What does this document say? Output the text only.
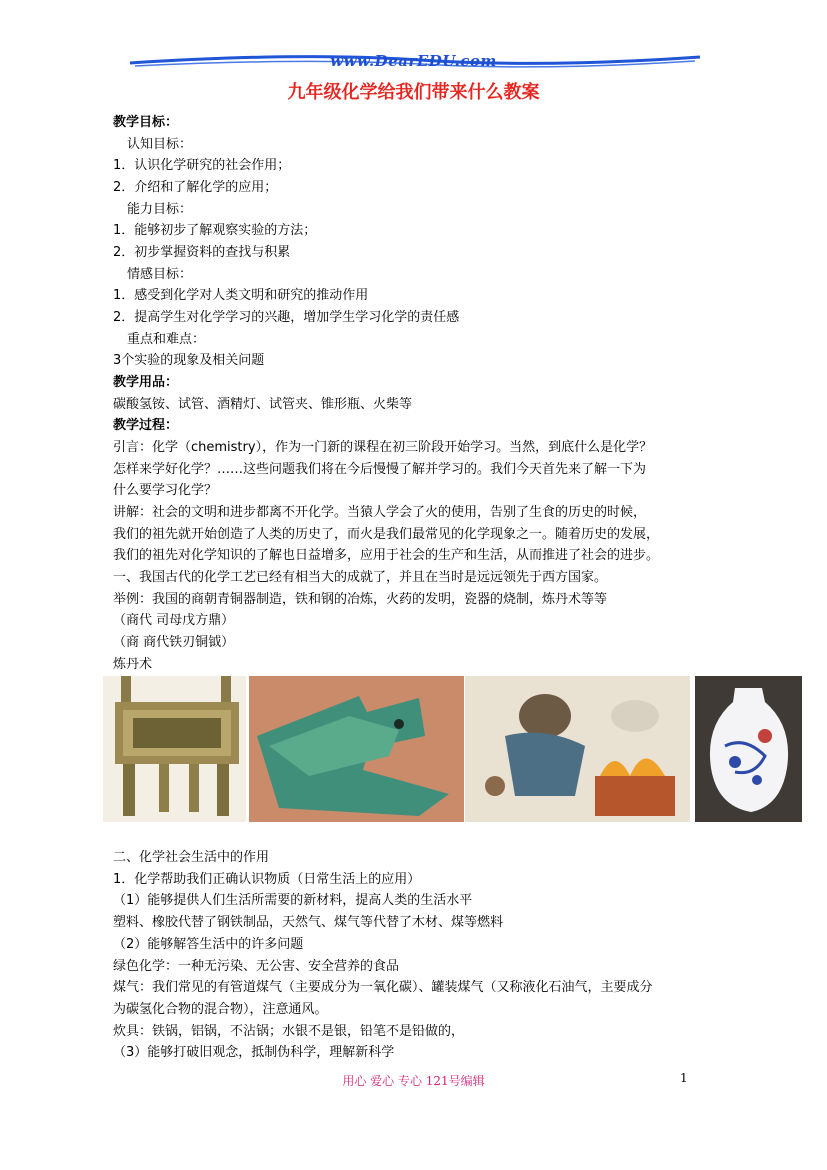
www.DearEDU.com
九年级化学给我们带来什么教案
教学目标：
认知目标：
1．认识化学研究的社会作用；
2．介绍和了解化学的应用；
能力目标：
1．能够初步了解观察实验的方法；
2．初步掌握资料的查找与积累
情感目标：
1．感受到化学对人类文明和研究的推动作用
2．提高学生对化学学习的兴趣，增加学生学习化学的责任感
重点和难点：
3个实验的现象及相关问题
教学用品：
碳酸氢铵、试管、酒精灯、试管夹、锥形瓶、火柴等
教学过程：
引言：化学（chemistry），作为一门新的课程在初三阶段开始学习。当然，到底什么是化学？
怎样来学好化学？……这些问题我们将在今后慢慢了解并学习的。我们今天首先来了解一下为
什么要学习化学？
讲解：社会的文明和进步都离不开化学。当猿人学会了火的使用，告别了生食的历史的时候，
我们的祖先就开始创造了人类的历史了，而火是我们最常见的化学现象之一。随着历史的发展，
我们的祖先对化学知识的了解也日益增多，应用于社会的生产和生活，从而推进了社会的进步。
一、我国古代的化学工艺已经有相当大的成就了，并且在当时是远远领先于西方国家。
举例：我国的商朝青铜器制造，铁和钢的冶炼，火药的发明，瓷器的烧制，炼丹术等等
（商代 司母戊方鼎）
（商 商代铁刃铜钺）
炼丹术
二、化学社会生活中的作用
1．化学帮助我们正确认识物质（日常生活上的应用）
（1）能够提供人们生活所需要的新材料，提高人类的生活水平
塑料、橡胶代替了钢铁制品，天然气、煤气等代替了木材、煤等燃料
（2）能够解答生活中的许多问题
绿色化学：一种无污染、无公害、安全营养的食品
煤气：我们常见的有管道煤气（主要成分为一氧化碳）、罐装煤气（又称液化石油气，主要成分
为碳氢化合物的混合物），注意通风。
炊具：铁锅，铝锅，不沾锅；水银不是银，铅笔不是铅做的，
（3）能够打破旧观念，抵制伪科学，理解新科学
用心 爱心 专心 121号编辑	1
